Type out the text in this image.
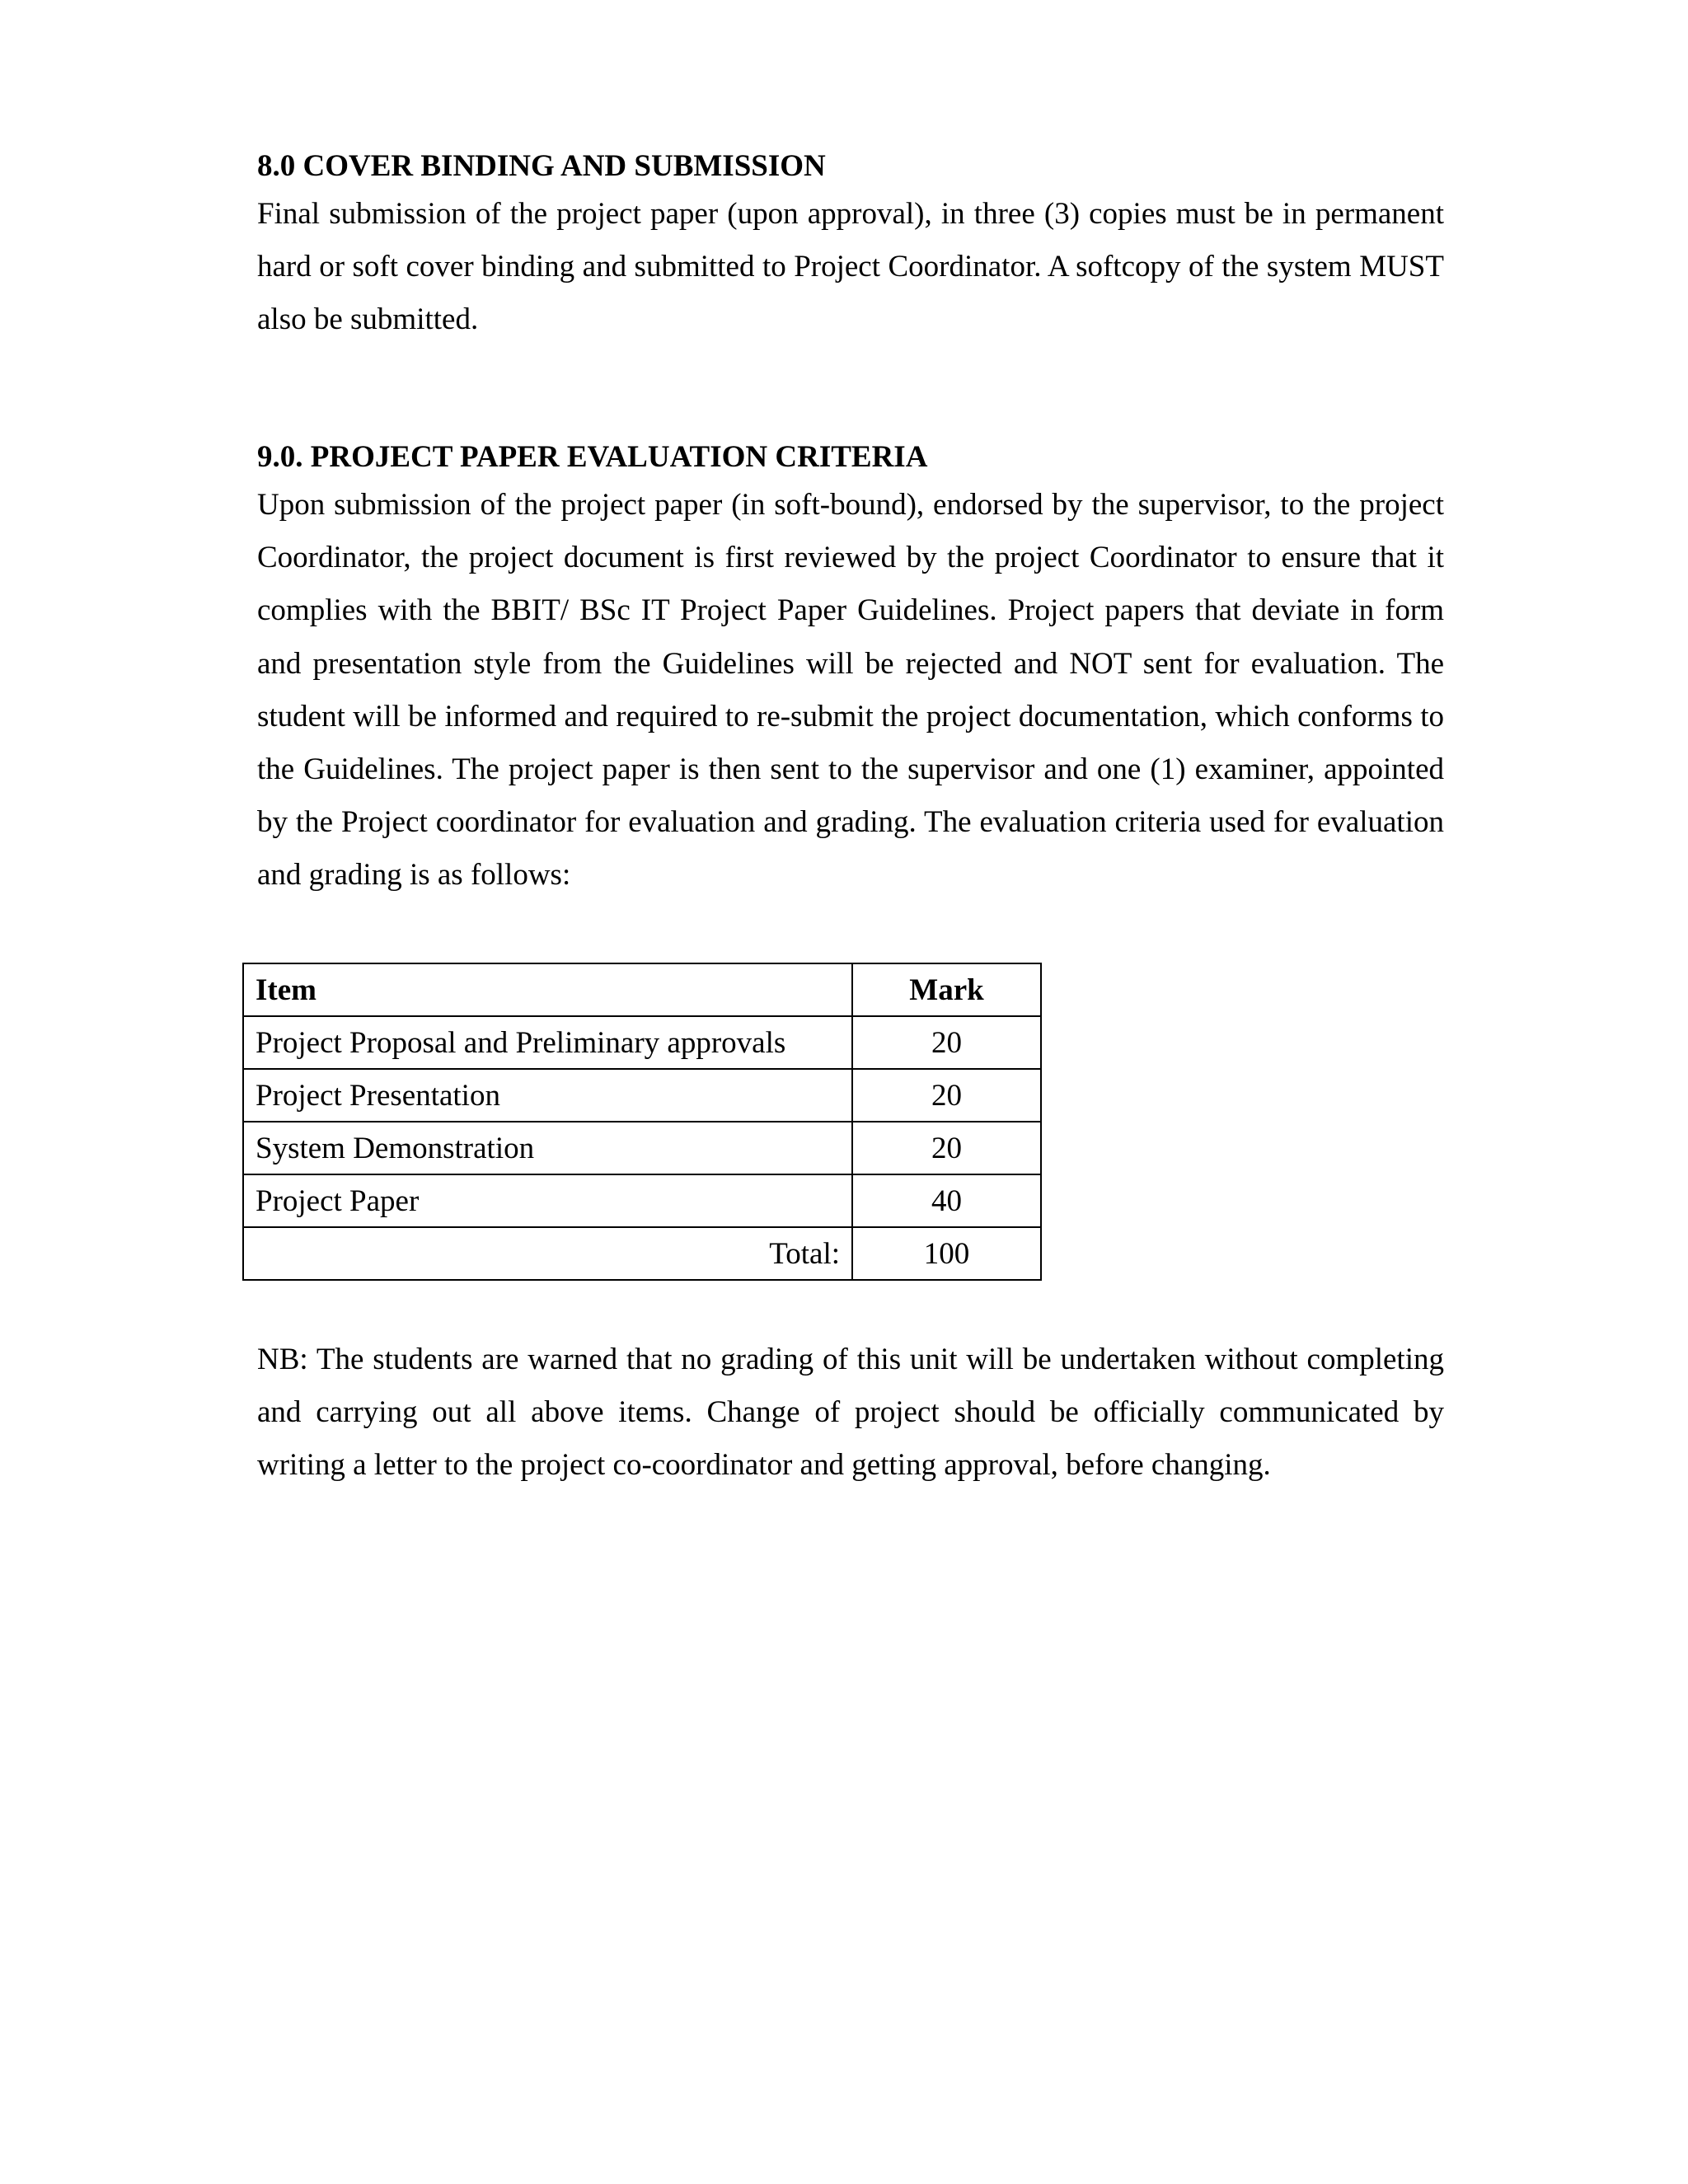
8.0 COVER BINDING AND SUBMISSION

Final submission of the project paper (upon approval), in three (3) copies must be in permanent hard or soft cover binding and submitted to Project Coordinator. A softcopy of the system MUST also be submitted.

9.0. PROJECT PAPER EVALUATION CRITERIA

Upon submission of the project paper (in soft-bound), endorsed by the supervisor, to the project Coordinator, the project document is first reviewed by the project Coordinator to ensure that it complies with the BBIT/ BSc IT Project Paper Guidelines. Project papers that deviate in form and presentation style from the Guidelines will be rejected and NOT sent for evaluation. The student will be informed and required to re-submit the project documentation, which conforms to the Guidelines. The project paper is then sent to the supervisor and one (1) examiner, appointed by the Project coordinator for evaluation and grading. The evaluation criteria used for evaluation and grading is as follows:

Item	Mark
Project Proposal and Preliminary approvals	20
Project Presentation	20
System Demonstration	20
Project Paper	40
Total:	100

NB: The students are warned that no grading of this unit will be undertaken without completing and carrying out all above items. Change of project should be officially communicated by writing a letter to the project co-coordinator and getting approval, before changing.
